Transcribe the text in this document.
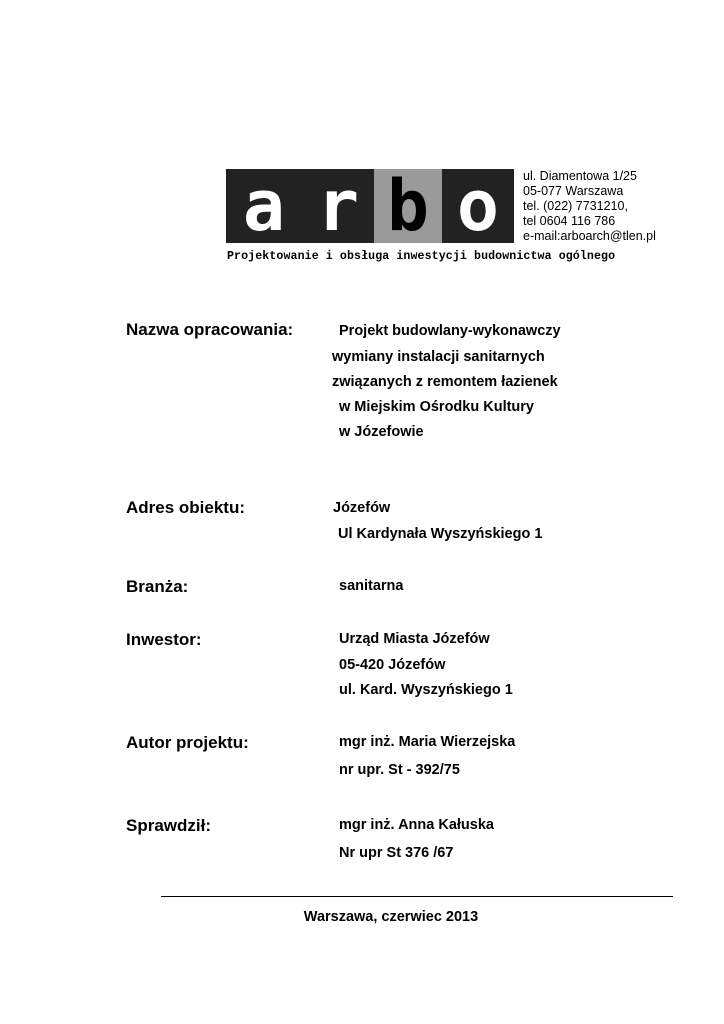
a r b o	ul. Diamentowa 1/25
05-077 Warszawa
tel. (022) 7731210,
tel 0604 116 786
e-mail:arboarch@tlen.pl
Projektowanie i obsługa inwestycji budownictwa ogólnego
Nazwa opracowania:	Projekt budowlany-wykonawczy
wymiany instalacji sanitarnych
związanych z remontem łazienek
w Miejskim Ośrodku Kultury
w Józefowie
Adres obiektu:	Józefów
Ul Kardynała Wyszyńskiego 1
Branża:	sanitarna
Inwestor:	Urząd Miasta Józefów
05-420 Józefów
ul. Kard. Wyszyńskiego 1
Autor projektu:	mgr inż. Maria Wierzejska
nr upr. St - 392/75
Sprawdził:	mgr inż. Anna Kałuska
Nr upr St 376 /67
Warszawa, czerwiec 2013
